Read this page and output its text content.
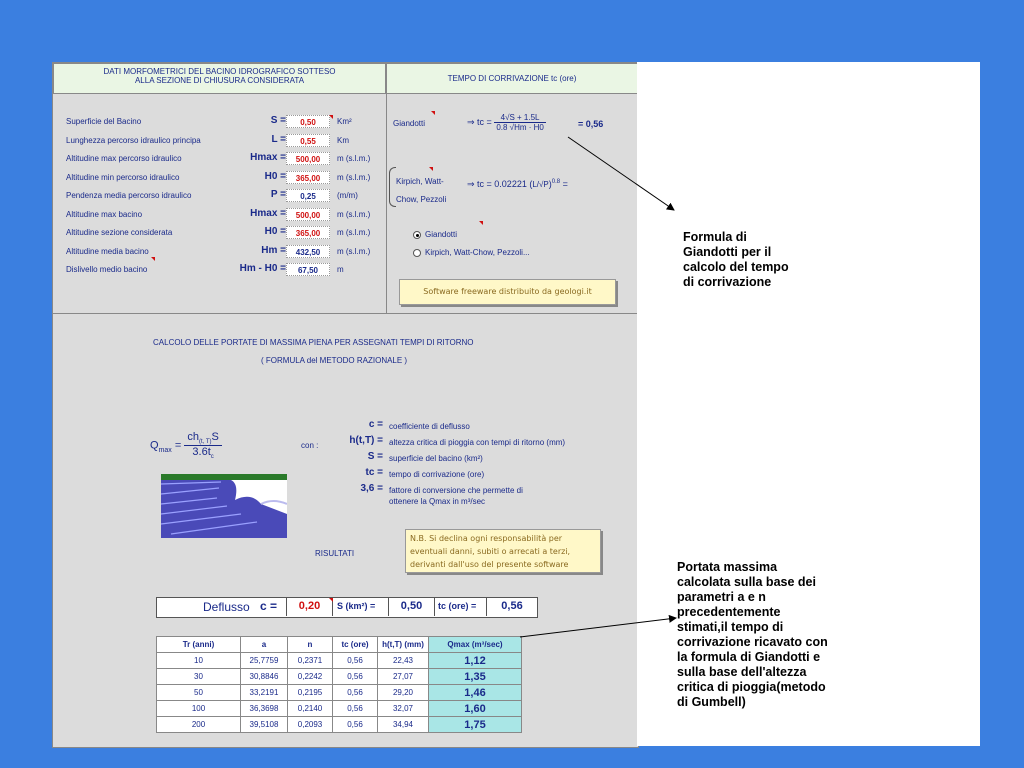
DATI MORFOMETRICI DEL BACINO IDROGRAFICO SOTTESO
ALLA SEZIONE DI CHIUSURA CONSIDERATA	TEMPO DI CORRIVAZIONE tc (ore)
Superficie del Bacino	S =	0,50	Km²
Lunghezza percorso idraulico principa	L =	0,55	Km
Altitudine max percorso idraulico	Hmax =	500,00	m (s.l.m.)
Altitudine min percorso idraulico	H0 =	365,00	m (s.l.m.)
Pendenza media percorso idraulico	P =	0,25	(m/m)
Altitudine max bacino	Hmax =	500,00	m (s.l.m.)
Altitudine sezione considerata	H0 =	365,00	m (s.l.m.)
Altitudine media bacino	Hm =	432,50	m (s.l.m.)
Dislivello medio bacino	Hm - H0 =	67,50	m
Giandotti	⇒ tc = $\frac{4√S + 1.5L}{0.8 √Hm \cdot H0}$	= 0,56
Kirpich, Watt-
Chow, Pezzoli
⇒ tc = 0.02221 $(L/√P)^{0.8}$ =
Giandotti
Kirpich, Watt-Chow, Pezzoli...
Software freeware distribuito da geologi.it
CALCOLO DELLE PORTATE DI MASSIMA PIENA PER ASSEGNATI TEMPI DI RITORNO
( FORMULA del METODO RAZIONALE )
$Q_{max} = \frac{ch_{(t, T)}S}{3.6t_c}$	con :
c = coefficiente di deflusso
h(t,T) = altezza critica di pioggia con tempi di ritorno (mm)
S = superficie del bacino (km²)
tc = tempo di corrivazione (ore)
3,6 = fattore di conversione che permette di
ottenere la Qmax in m³/sec
N.B. Si declina ogni responsabilità per eventuali danni, subiti o arrecati a terzi, derivanti dall'uso del presente software
RISULTATI
Deflusso c =	0,20	S (km²) =	0,50	tc (ore) =	0,56
Tr (anni)	a	n	tc (ore)	h(t,T) (mm)	Qmax (m³/sec)
10	25,7759	0,2371	0,56	22,43	1,12
30	30,8846	0,2242	0,56	27,07	1,35
50	33,2191	0,2195	0,56	29,20	1,46
100	36,3698	0,2140	0,56	32,07	1,60
200	39,5108	0,2093	0,56	34,94	1,75
Formula di
Giandotti per il
calcolo del tempo
di corrivazione
Portata massima
calcolata sulla base dei
parametri a e n
precedentemente
stimati,il tempo di
corrivazione ricavato con
la formula di Giandotti e
sulla base dell'altezza
critica di pioggia(metodo
di Gumbell)
